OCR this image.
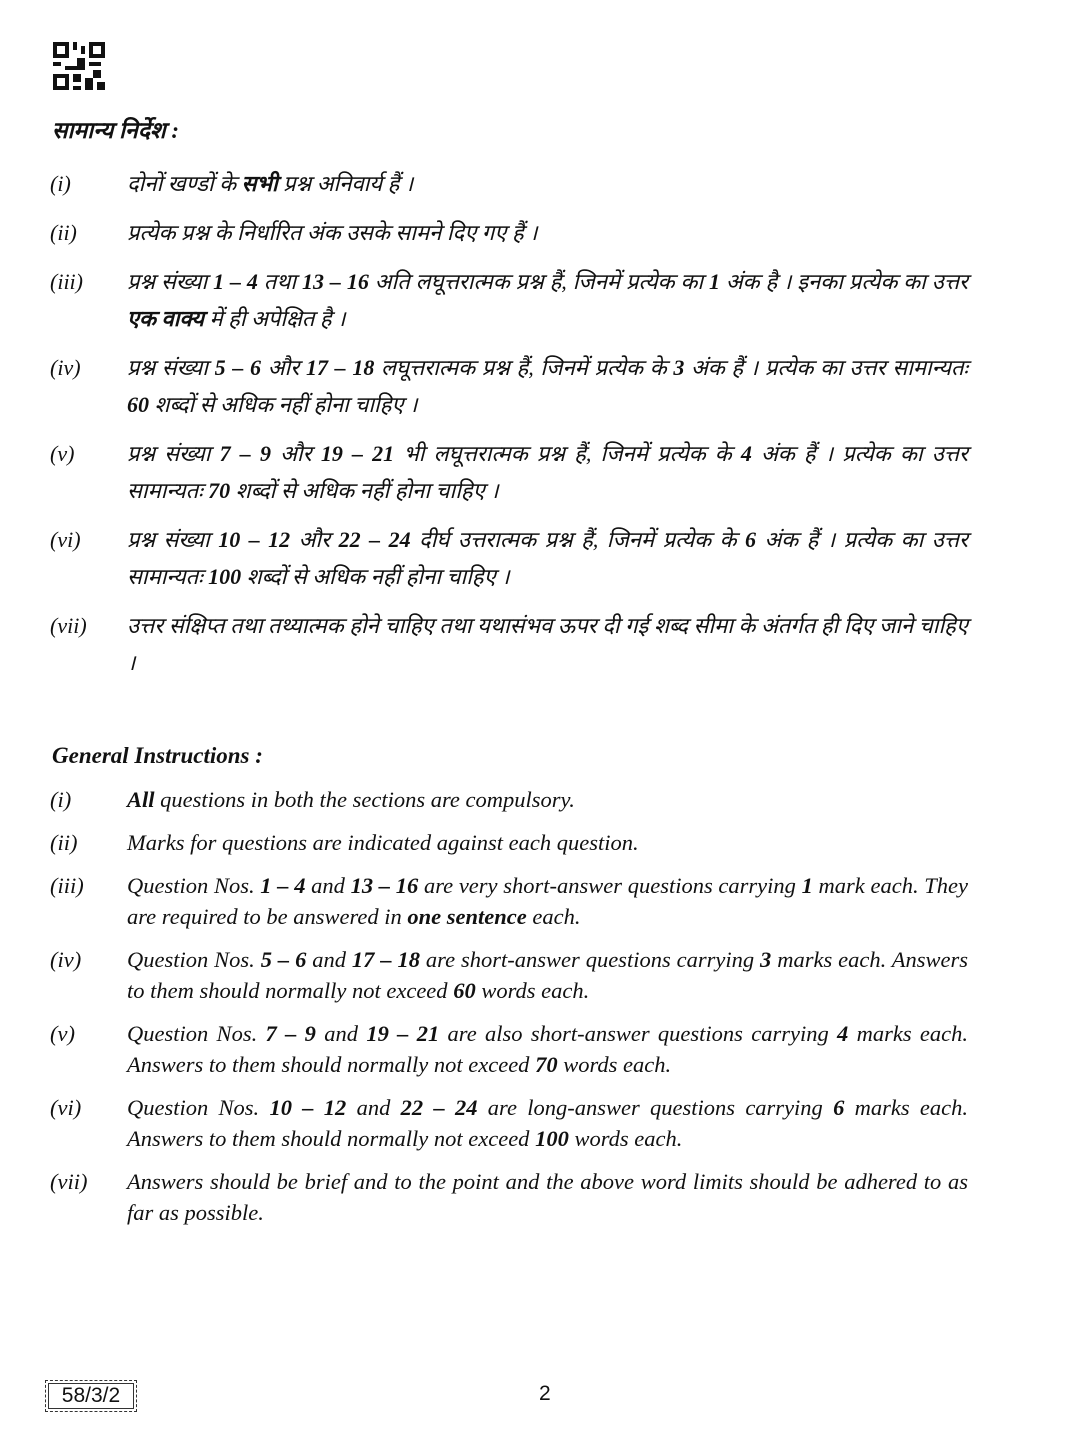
सामान्य निर्देश :
(i)	दोनों खण्डों के सभी प्रश्न अनिवार्य हैं ।
(ii) प्रत्येक प्रश्न के निर्धारित अंक उसके सामने दिए गए हैं ।
(iii) प्रश्न संख्या 1 – 4 तथा 13 – 16 अति लघूत्तरात्मक प्रश्न हैं, जिनमें प्रत्येक का 1 अंक है । इनका प्रत्येक का उत्तर एक वाक्य में ही अपेक्षित है ।
(iv) प्रश्न संख्या 5 – 6 और 17 – 18 लघूत्तरात्मक प्रश्न हैं, जिनमें प्रत्येक के 3 अंक हैं । प्रत्येक का उत्तर सामान्यतः 60 शब्दों से अधिक नहीं होना चाहिए ।
(v) प्रश्न संख्या 7 – 9 और 19 – 21 भी लघूत्तरात्मक प्रश्न हैं, जिनमें प्रत्येक के 4 अंक हैं । प्रत्येक का उत्तर सामान्यतः 70 शब्दों से अधिक नहीं होना चाहिए ।
(vi) प्रश्न संख्या 10 – 12 और 22 – 24 दीर्घ उत्तरात्मक प्रश्न हैं, जिनमें प्रत्येक के 6 अंक हैं । प्रत्येक का उत्तर सामान्यतः 100 शब्दों से अधिक नहीं होना चाहिए ।
(vii) उत्तर संक्षिप्त तथा तथ्यात्मक होने चाहिए तथा यथासंभव ऊपर दी गई शब्द सीमा के अंतर्गत ही दिए जाने चाहिए ।
General Instructions :
(i) All questions in both the sections are compulsory.
(ii) Marks for questions are indicated against each question.
(iii) Question Nos. 1 – 4 and 13 – 16 are very short-answer questions carrying 1 mark each. They are required to be answered in one sentence each.
(iv) Question Nos. 5 – 6 and 17 – 18 are short-answer questions carrying 3 marks each. Answers to them should normally not exceed 60 words each.
(v) Question Nos. 7 – 9 and 19 – 21 are also short-answer questions carrying 4 marks each. Answers to them should normally not exceed 70 words each.
(vi) Question Nos. 10 – 12 and 22 – 24 are long-answer questions carrying 6 marks each. Answers to them should normally not exceed 100 words each.
(vii) Answers should be brief and to the point and the above word limits should be adhered to as far as possible.
58/3/2	2
